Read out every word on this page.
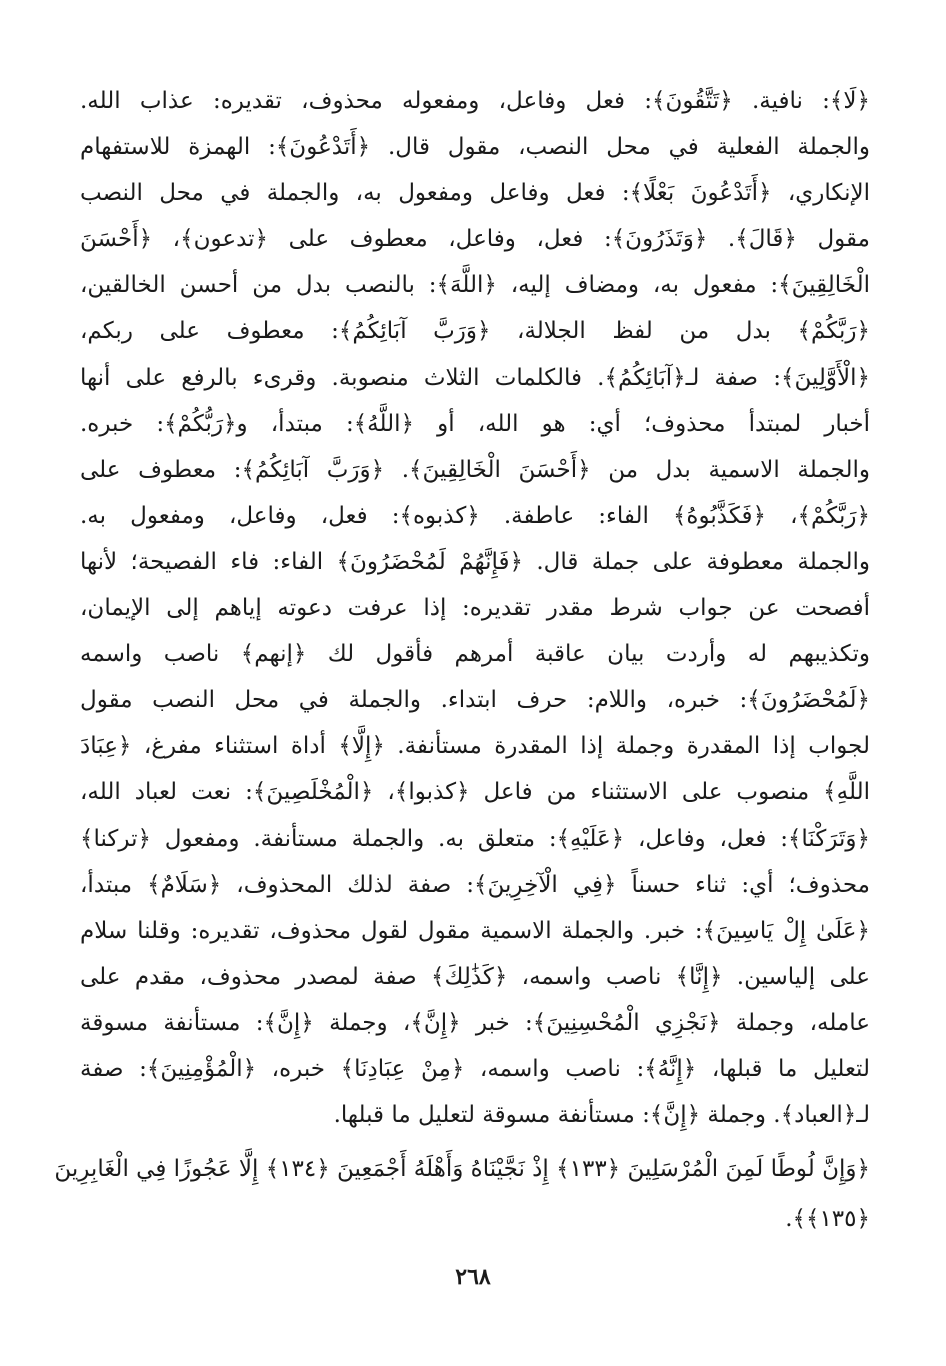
﴿لَا﴾: نافية. ﴿تَتَّقُونَ﴾: فعل وفاعل، ومفعوله محذوف، تقديره: عذاب الله.
والجملة الفعلية في محل النصب، مقول قال. ﴿أَتَدْعُونَ﴾: الهمزة للاستفهام
الإنكاري، ﴿أَتَدْعُونَ بَعْلًا﴾: فعل وفاعل ومفعول به، والجملة في محل النصب
مقول ﴿قَالَ﴾. ﴿وَتَذَرُونَ﴾: فعل، وفاعل، معطوف على ﴿تدعون﴾، ﴿أَحْسَنَ
الْخَالِقِينَ﴾: مفعول به، ومضاف إليه، ﴿اللَّهَ﴾: بالنصب بدل من أحسن الخالقين،
﴿رَبَّكُمْ﴾ بدل من لفظ الجلالة، ﴿وَرَبَّ آبَائِكُمُ﴾: معطوف على ربكم،
﴿الْأَوَّلِينَ﴾: صفة لـ﴿آبَائِكُمُ﴾. فالكلمات الثلاث منصوبة. وقرىء بالرفع على أنها
أخبار لمبتدأ محذوف؛ أي: هو الله، أو ﴿اللَّهُ﴾: مبتدأ، و﴿رَبُّكُمْ﴾: خبره.
والجملة الاسمية بدل من ﴿أَحْسَنَ الْخَالِقِينَ﴾. ﴿وَرَبَّ آبَائِكُمُ﴾: معطوف على
﴿رَبَّكُمْ﴾، ﴿فَكَذَّبُوهُ﴾ الفاء: عاطفة. ﴿كذبوه﴾: فعل، وفاعل، ومفعول به.
والجملة معطوفة على جملة قال. ﴿فَإِنَّهُمْ لَمُحْضَرُونَ﴾ الفاء: فاء الفصيحة؛ لأنها
أفصحت عن جواب شرط مقدر تقديره: إذا عرفت دعوته إياهم إلى الإيمان،
وتكذيبهم له وأردت بيان عاقبة أمرهم فأقول لك ﴿إنهم﴾ ناصب واسمه
﴿لَمُحْضَرُونَ﴾: خبره، واللام: حرف ابتداء. والجملة في محل النصب مقول
لجواب إذا المقدرة وجملة إذا المقدرة مستأنفة. ﴿إِلَّا﴾ أداة استثناء مفرغ، ﴿عِبَادَ
اللَّهِ﴾ منصوب على الاستثناء من فاعل ﴿كذبوا﴾، ﴿الْمُخْلَصِينَ﴾: نعت لعباد الله،
﴿وَتَرَكْنَا﴾: فعل، وفاعل، ﴿عَلَيْهِ﴾: متعلق به. والجملة مستأنفة. ومفعول ﴿تركنا﴾
محذوف؛ أي: ثناء حسناً ﴿فِي الْآخِرِينَ﴾: صفة لذلك المحذوف، ﴿سَلَامٌ﴾ مبتدأ،
﴿عَلَىٰ إِلْ يَاسِينَ﴾: خبر. والجملة الاسمية مقول لقول محذوف، تقديره: وقلنا سلام
على إلياسين. ﴿إِنَّا﴾ ناصب واسمه، ﴿كَذَٰلِكَ﴾ صفة لمصدر محذوف، مقدم على
عامله، وجملة ﴿نَجْزِي الْمُحْسِنِينَ﴾: خبر ﴿إِنَّ﴾، وجملة ﴿إِنَّ﴾: مستأنفة مسوقة
لتعليل ما قبلها، ﴿إِنَّهُ﴾: ناصب واسمه، ﴿مِنْ عِبَادِنَا﴾ خبره، ﴿الْمُؤْمِنِينَ﴾: صفة
لـ﴿العباد﴾. وجملة ﴿إِنَّ﴾: مستأنفة مسوقة لتعليل ما قبلها.
﴿وَإِنَّ لُوطًا لَمِنَ الْمُرْسَلِينَ ﴿١٣٣﴾ إِذْ نَجَّيْنَاهُ وَأَهْلَهُ أَجْمَعِينَ ﴿١٣٤﴾ إِلَّا عَجُوزًا فِي الْغَابِرِينَ
﴿١٣٥﴾﴾.
٢٦٨
